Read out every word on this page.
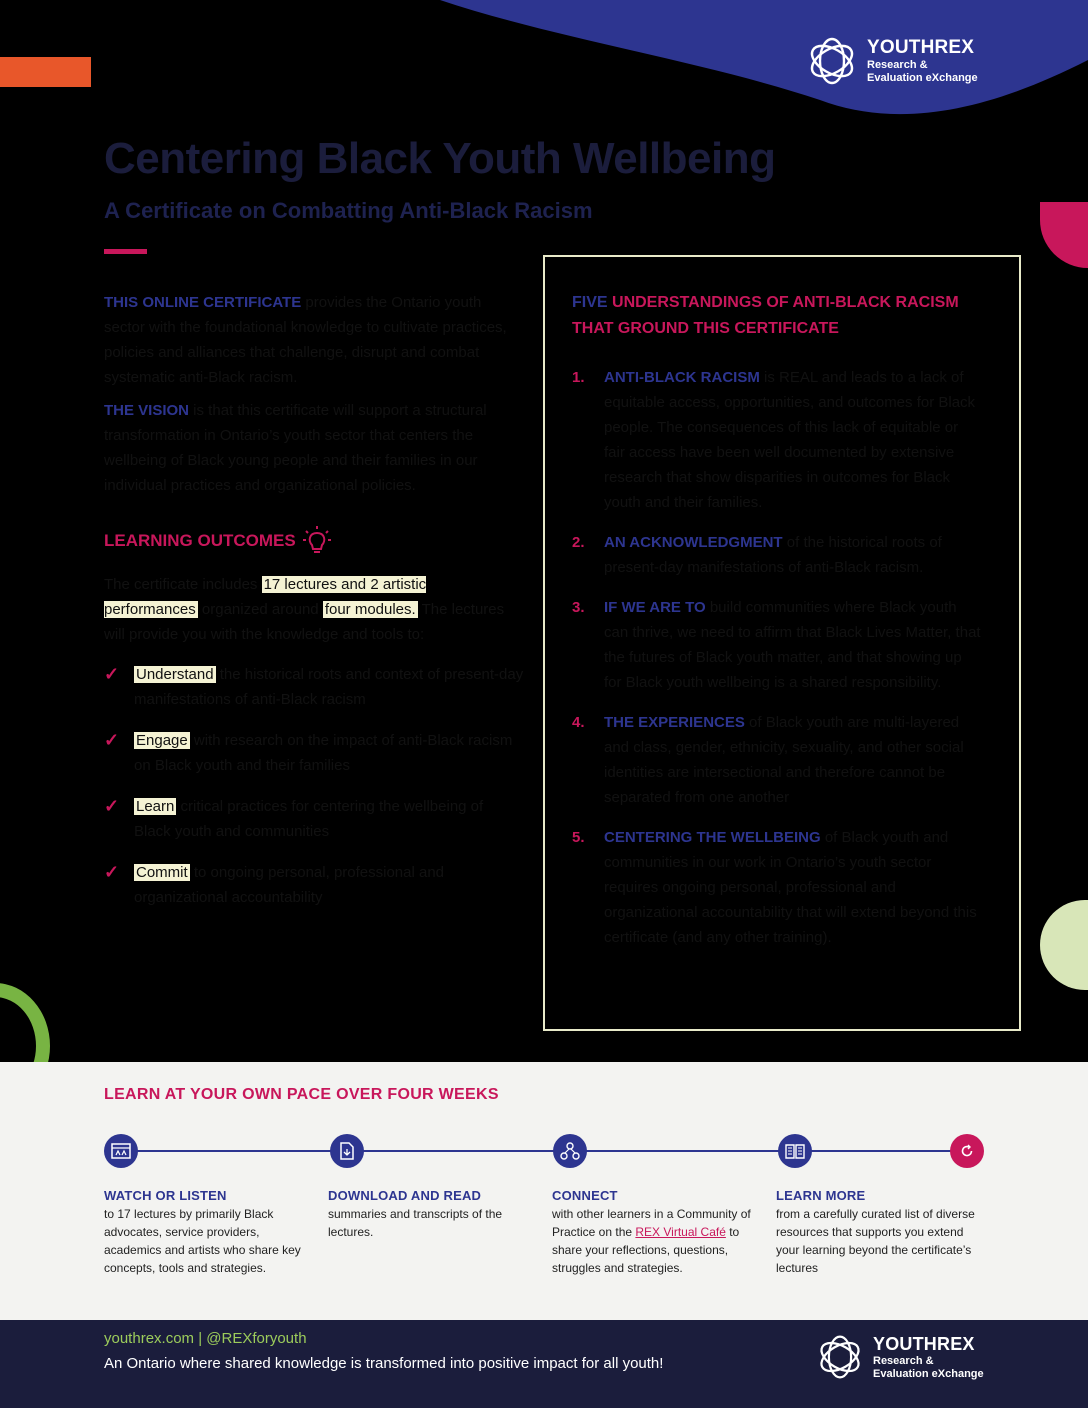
YOUTHREX
Research &
Evaluation eXchange
Centering Black Youth Wellbeing
A Certificate on Combatting Anti-Black Racism
THIS ONLINE CERTIFICATE provides the Ontario youth sector with the foundational knowledge to cultivate practices, policies and alliances that challenge, disrupt and combat systematic anti-Black racism.
THE VISION is that this certificate will support a structural transformation in Ontario’s youth sector that centers the wellbeing of Black young people and their families in our individual practices and organizational policies.
LEARNING OUTCOMES
The certificate includes 17 lectures and 2 artistic performances organized around four modules. The lectures will provide you with the knowledge and tools to:
✓ Understand the historical roots and context of present-day manifestations of anti-Black racism
✓ Engage with research on the impact of anti-Black racism on Black youth and their families
✓ Learn critical practices for centering the wellbeing of Black youth and communities
✓ Commit to ongoing personal, professional and organizational accountability
FIVE UNDERSTANDINGS OF ANTI-BLACK RACISM THAT GROUND THIS CERTIFICATE
1. ANTI-BLACK RACISM is REAL and leads to a lack of equitable access, opportunities, and outcomes for Black people. The consequences of this lack of equitable or fair access have been well documented by extensive research that show disparities in outcomes for Black youth and their families.
2. AN ACKNOWLEDGMENT of the historical roots of present-day manifestations of anti-Black racism.
3. IF WE ARE TO build communities where Black youth can thrive, we need to affirm that Black Lives Matter, that the futures of Black youth matter, and that showing up for Black youth wellbeing is a shared responsibility.
4. THE EXPERIENCES of Black youth are multi-layered and class, gender, ethnicity, sexuality, and other social identities are intersectional and therefore cannot be separated from one another
5. CENTERING THE WELLBEING of Black youth and communities in our work in Ontario’s youth sector requires ongoing personal, professional and organizational accountability that will extend beyond this certificate (and any other training).
LEARN AT YOUR OWN PACE OVER FOUR WEEKS
WATCH OR LISTEN
to 17 lectures by primarily Black advocates, service providers, academics and artists who share key concepts, tools and strategies.
DOWNLOAD AND READ
summaries and transcripts of the lectures.
CONNECT
with other learners in a Community of Practice on the REX Virtual Café to share your reflections, questions, struggles and strategies.
LEARN MORE
from a carefully curated list of diverse resources that supports you extend your learning beyond the certificate’s lectures
youthrex.com | @REXforyouth
An Ontario where shared knowledge is transformed into positive impact for all youth!
YOUTHREX
Research &
Evaluation eXchange
